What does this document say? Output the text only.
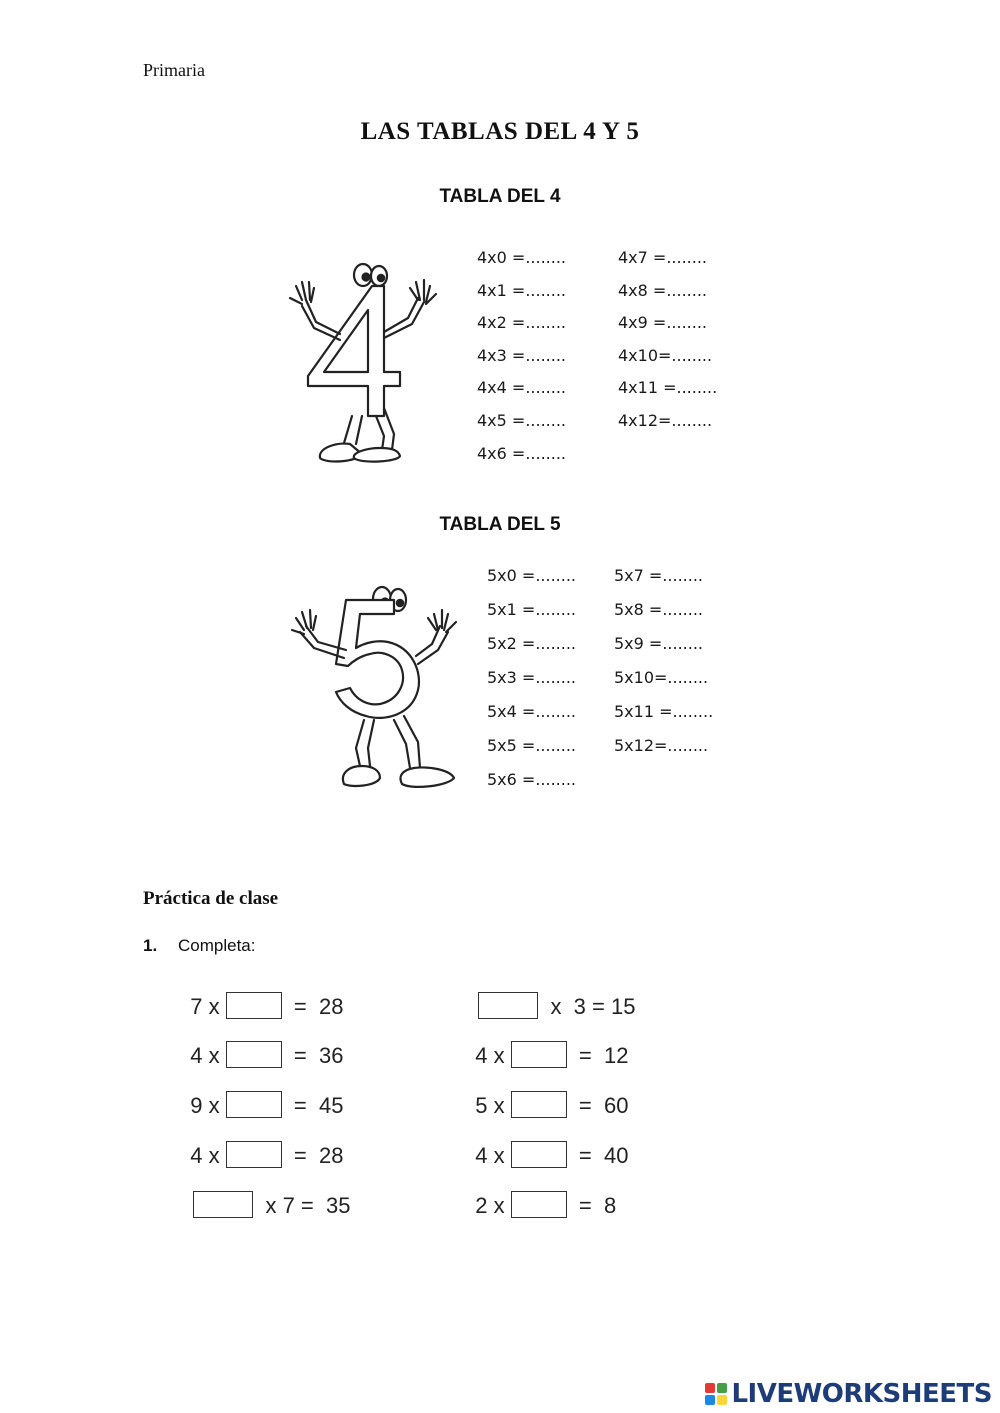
Primaria
LAS TABLAS DEL 4 Y 5
TABLA DEL 4
4x0 =........
4x1 =........
4x2 =........
4x3 =........
4x4 =........
4x5 =........
4x6 =........
4x7 =........
4x8 =........
4x9 =........
4x10=........
4x11 =........
4x12=........
TABLA DEL 5
5x0 =........
5x1 =........
5x2 =........
5x3 =........
5x4 =........
5x5 =........
5x6 =........
5x7 =........
5x8 =........
5x9 =........
5x10=........
5x11 =........
5x12=........
Práctica de clase
1. Completa:

7 x	=  28

4 x	=  36

9 x	=  45

4 x	=  28

x 7 =  35

x  3 = 15

4 x	=  12

5 x	=  60

4 x	=  40

2 x	=  8

LIVEWORKSHEETS
